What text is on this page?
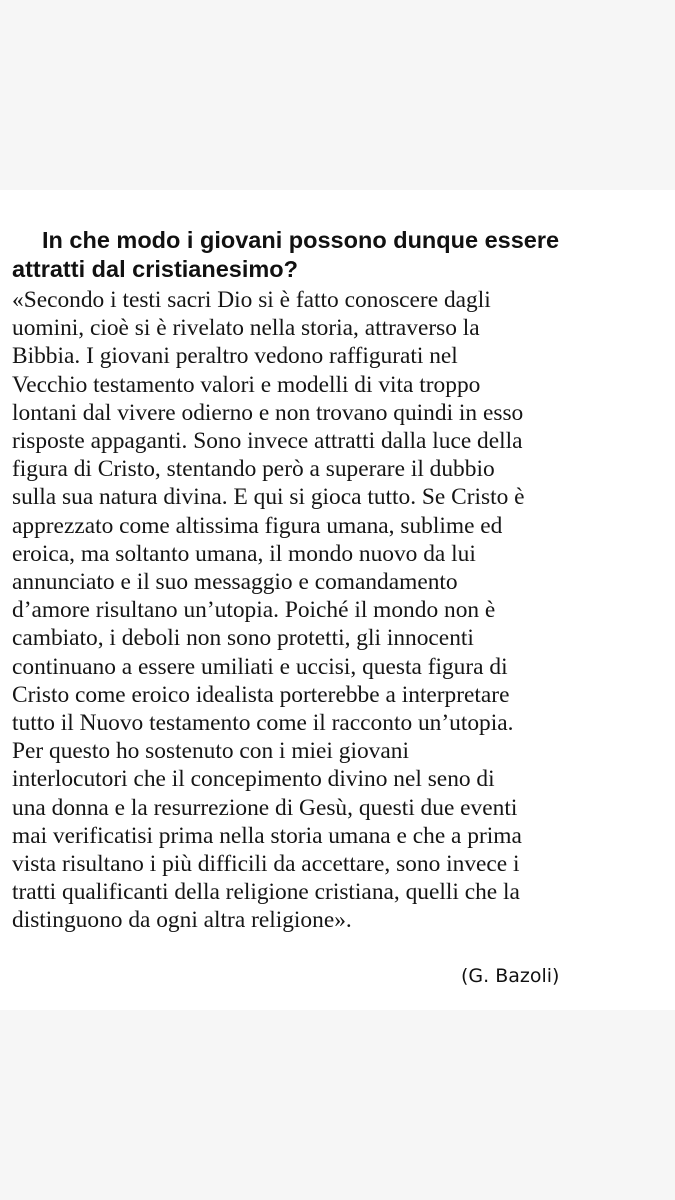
In che modo i giovani possono dunque essere
attratti dal cristianesimo?
«Secondo i testi sacri Dio si è fatto conoscere dagli
uomini, cioè si è rivelato nella storia, attraverso la
Bibbia. I giovani peraltro vedono raffigurati nel
Vecchio testamento valori e modelli di vita troppo
lontani dal vivere odierno e non trovano quindi in esso
risposte appaganti. Sono invece attratti dalla luce della
figura di Cristo, stentando però a superare il dubbio
sulla sua natura divina. E qui si gioca tutto. Se Cristo è
apprezzato come altissima figura umana, sublime ed
eroica, ma soltanto umana, il mondo nuovo da lui
annunciato e il suo messaggio e comandamento
d’amore risultano un’utopia. Poiché il mondo non è
cambiato, i deboli non sono protetti, gli innocenti
continuano a essere umiliati e uccisi, questa figura di
Cristo come eroico idealista porterebbe a interpretare
tutto il Nuovo testamento come il racconto un’utopia.
Per questo ho sostenuto con i miei giovani
interlocutori che il concepimento divino nel seno di
una donna e la resurrezione di Gesù, questi due eventi
mai verificatisi prima nella storia umana e che a prima
vista risultano i più difficili da accettare, sono invece i
tratti qualificanti della religione cristiana, quelli che la
distinguono da ogni altra religione».
(G. Bazoli)
